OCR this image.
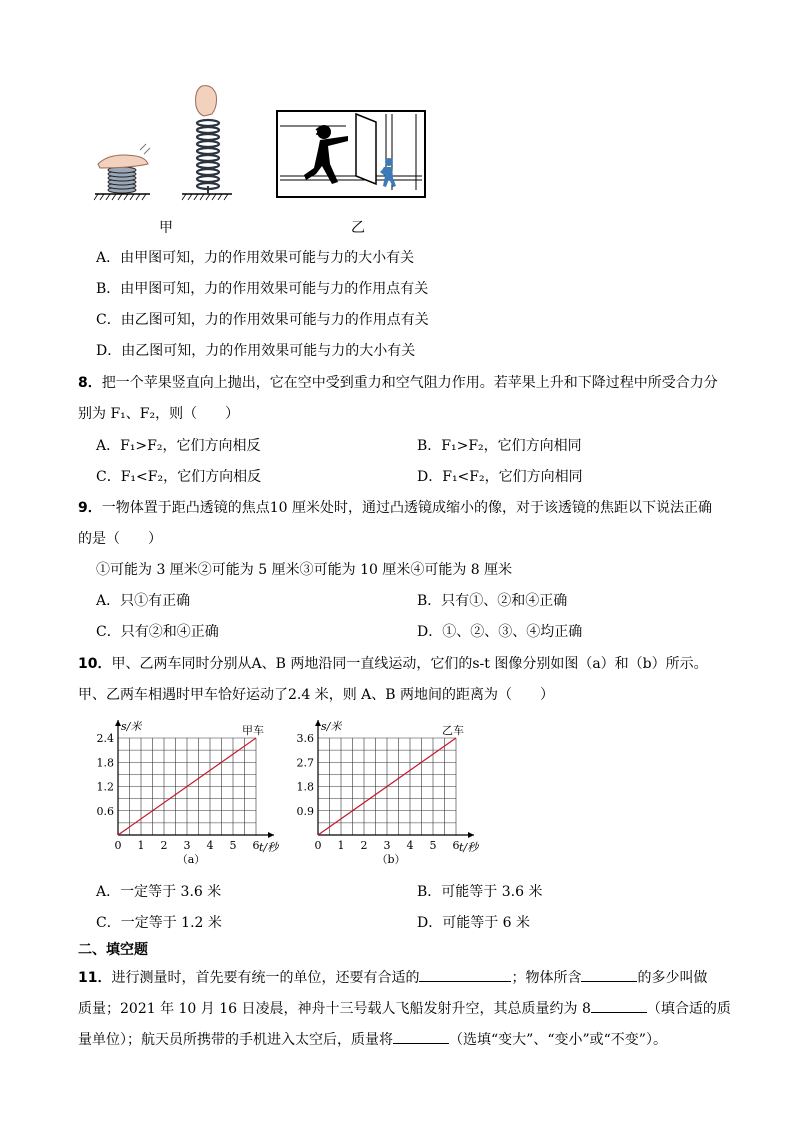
甲	乙
A．由甲图可知，力的作用效果可能与力的大小有关
B．由甲图可知，力的作用效果可能与力的作用点有关
C．由乙图可知，力的作用效果可能与力的作用点有关
D．由乙图可知，力的作用效果可能与力的大小有关
8．把一个苹果竖直向上抛出，它在空中受到重力和空气阻力作用。若苹果上升和下降过程中所受合力分
别为 F₁、F₂，则（　　）
A．F₁>F₂，它们方向相反	B．F₁>F₂，它们方向相同
C．F₁<F₂，它们方向相反	D．F₁<F₂，它们方向相同
9．一物体置于距凸透镜的焦点10 厘米处时，通过凸透镜成缩小的像，对于该透镜的焦距以下说法正确
的是（　　）
①可能为 3 厘米②可能为 5 厘米③可能为 10 厘米④可能为 8 厘米
A．只①有正确	B．只有①、②和④正确
C．只有②和④正确	D．①、②、③、④均正确
10．甲、乙两车同时分别从A、B 两地沿同一直线运动，它们的s-t 图像分别如图（a）和（b）所示。
甲、乙两车相遇时甲车恰好运动了2.4 米，则 A、B 两地间的距离为（　　）
0 1 2 3 4 5 6
0.6
1.2
1.8
2.4
t/秒
s/米	甲车
（a）
0 1 2 3 4 5 6
0.9
1.8
2.7
3.6
t/秒
s/米	乙车
（b）
A．一定等于 3.6 米	B．可能等于 3.6 米
C．一定等于 1.2 米	D．可能等于 6 米
二、填空题
11．进行测量时，首先要有统一的单位，还要有合适的	；物体所含	的多少叫做
质量；2021 年 10 月 16 日凌晨，神舟十三号载人飞船发射升空，其总质量约为 8	（填合适的质
量单位）；航天员所携带的手机进入太空后，质量将	（选填“变大”、“变小”或“不变”）。
